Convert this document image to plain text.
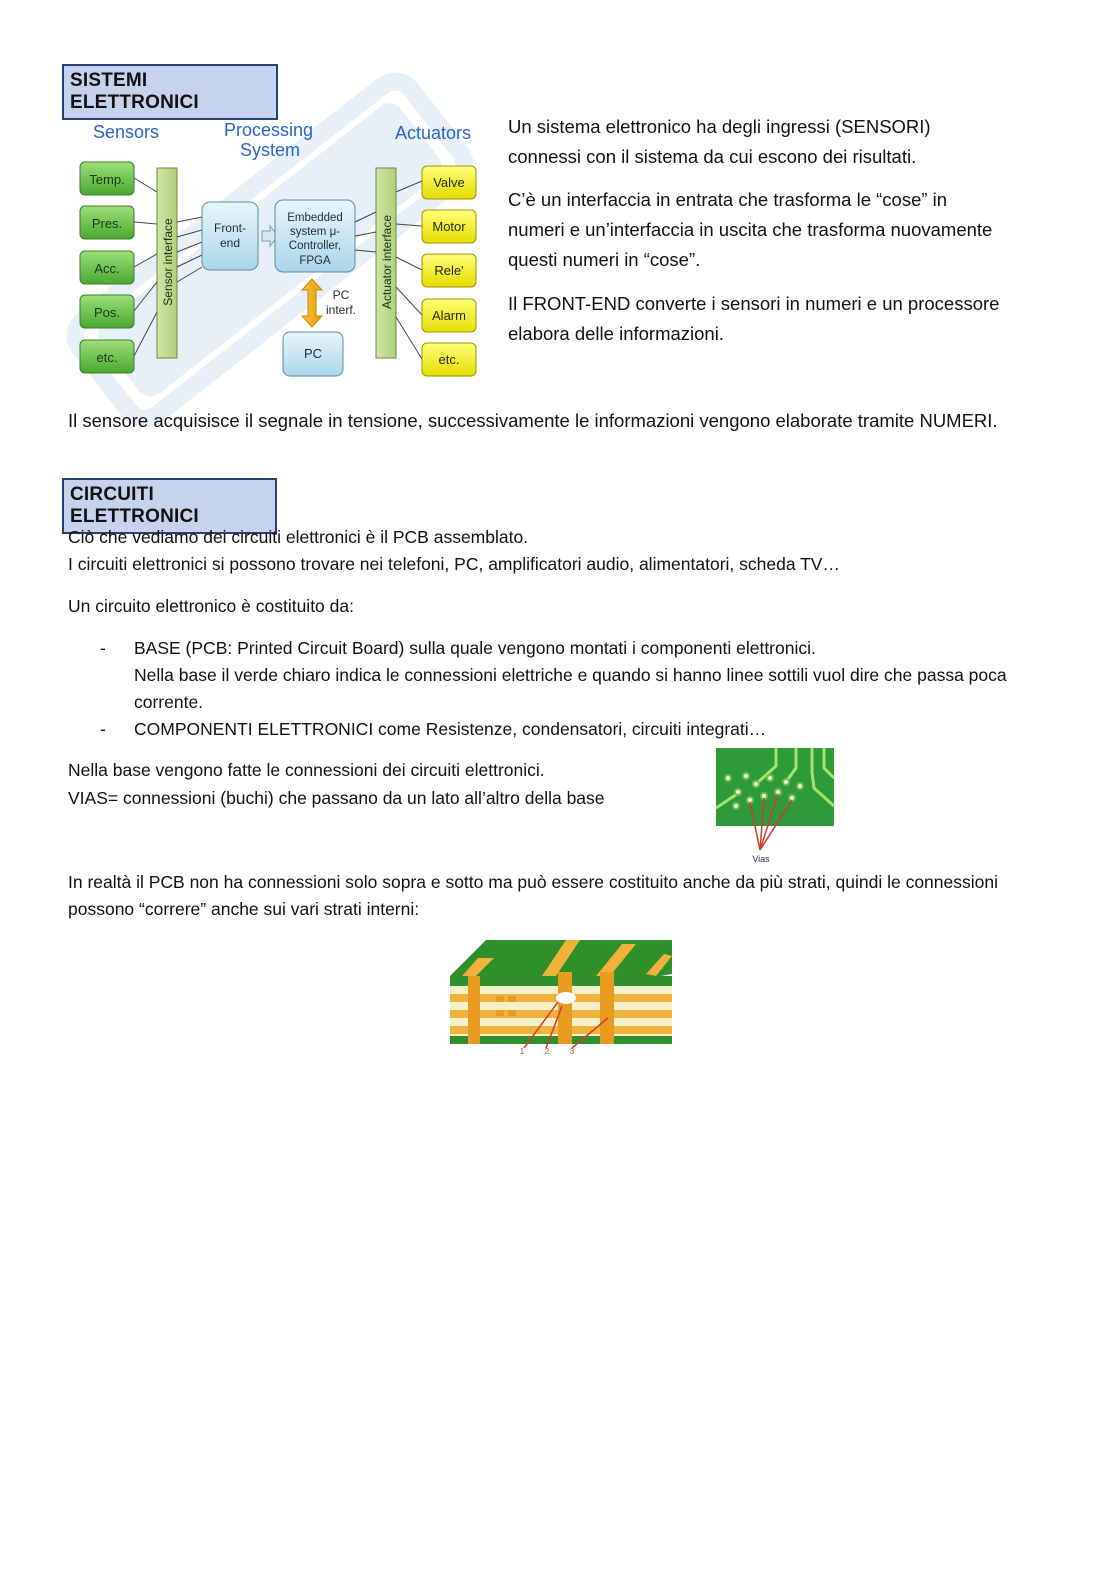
SISTEMI ELETTRONICI
Sensors	Processing
System
Actuators
Temp.
Pres.
Acc.
Pos.
etc.
Sensor interface	Front-
end
Embedded
system μ-
Controller,
FPGA
PC
interf.
PC
Actuator interface
Valve
Motor
Rele'
Alarm
etc.
Un sistema elettronico ha degli ingressi (SENSORI) connessi con il sistema da cui escono dei risultati.
C’è un interfaccia in entrata che trasforma le “cose” in numeri e un’interfaccia in uscita che trasforma nuovamente questi numeri in “cose”.
Il FRONT-END converte i sensori in numeri e un processore elabora delle informazioni.
Il sensore acquisisce il segnale in tensione, successivamente le informazioni vengono elaborate tramite NUMERI.
CIRCUITI ELETTRONICI
Ciò che vediamo dei circuiti elettronici è il PCB assemblato.
I circuiti elettronici si possono trovare nei telefoni, PC, amplificatori audio, alimentatori, scheda TV…
Un circuito elettronico è costituito da:
- BASE (PCB: Printed Circuit Board) sulla quale vengono montati i componenti elettronici.
Nella base il verde chiaro indica le connessioni elettriche e quando si hanno linee sottili vuol dire che passa poca corrente.
- COMPONENTI ELETTRONICI come Resistenze, condensatori, circuiti integrati…
Nella base vengono fatte le connessioni dei circuiti elettronici.
VIAS= connessioni (buchi) che passano da un lato all’altro della base
Vias
In realtà il PCB non ha connessioni solo sopra e sotto ma può essere costituito anche da più strati, quindi le connessioni possono “correre” anche sui vari strati interni:
1	2	3
